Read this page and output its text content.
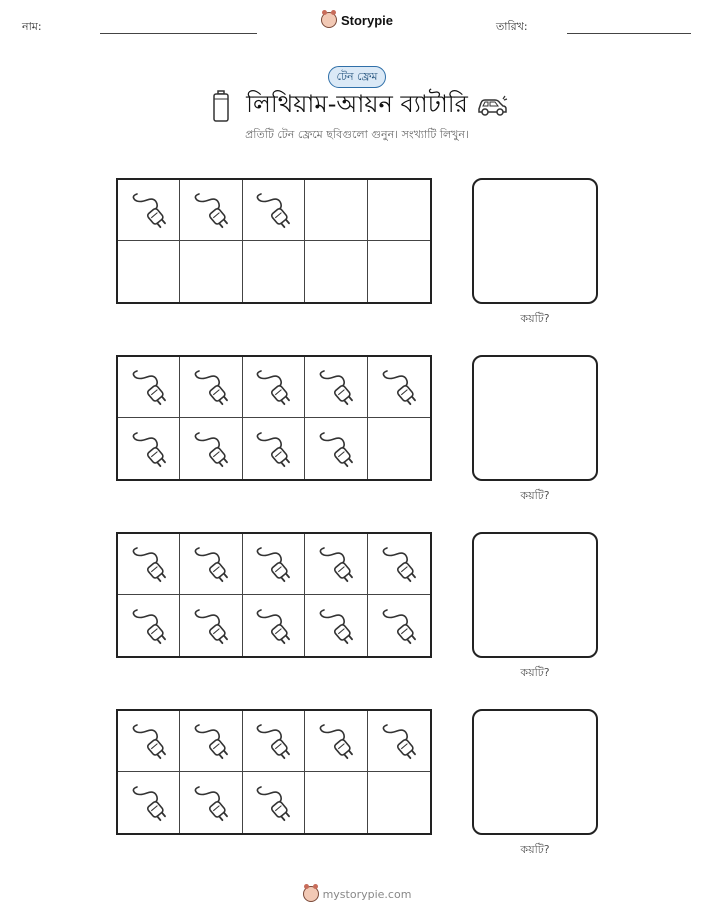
নাম:	Storypie	তারিখ:
টেন ফ্রেম
লিথিয়াম-আয়ন ব্যাটারি
প্রতিটি টেন ফ্রেমে ছবিগুলো গুনুন। সংখ্যাটি লিখুন।
কয়টি?
কয়টি?
কয়টি?
কয়টি?
mystorypie.com
